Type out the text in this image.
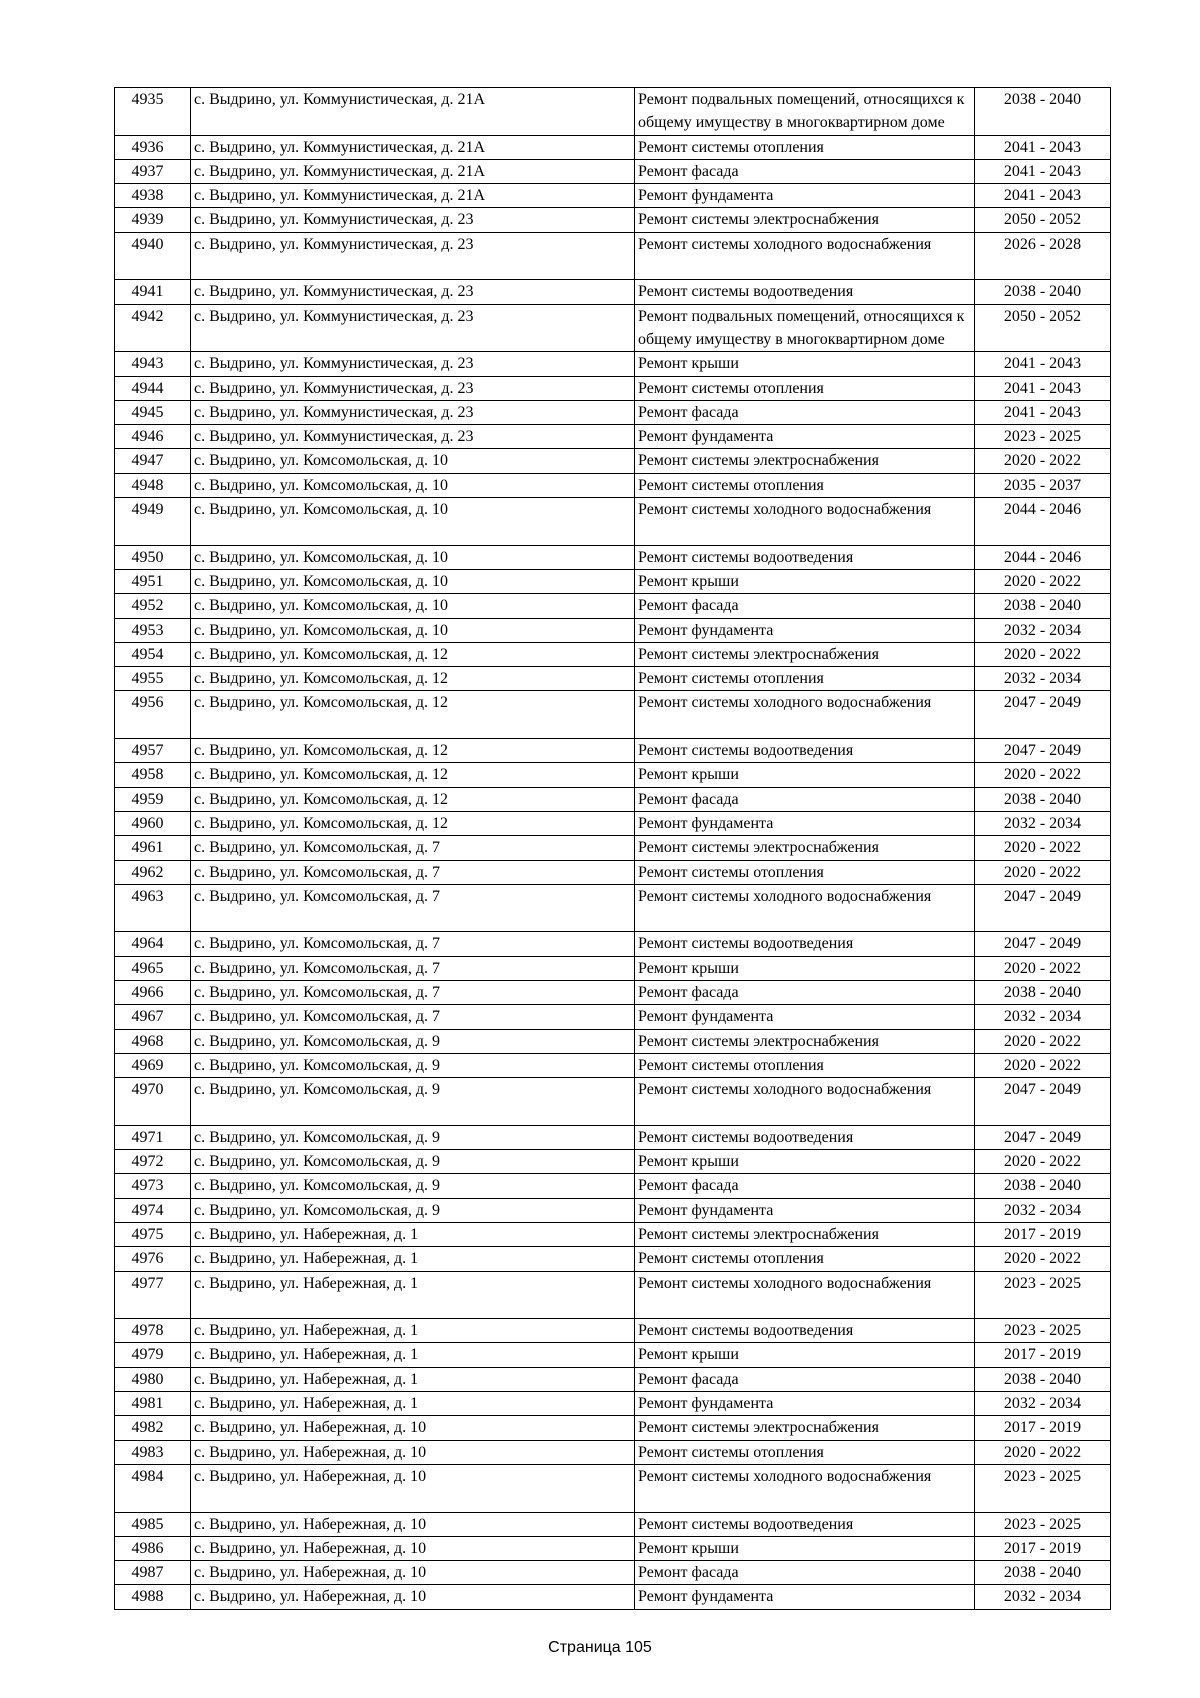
4935	с. Выдрино, ул. Коммунистическая, д. 21А	Ремонт подвальных помещений, относящихся к общему имуществу в многоквартирном доме	2038 - 2040
4936	с. Выдрино, ул. Коммунистическая, д. 21А	Ремонт системы отопления	2041 - 2043
4937	с. Выдрино, ул. Коммунистическая, д. 21А	Ремонт фасада	2041 - 2043
4938	с. Выдрино, ул. Коммунистическая, д. 21А	Ремонт фундамента	2041 - 2043
4939	с. Выдрино, ул. Коммунистическая, д. 23	Ремонт системы электроснабжения	2050 - 2052
4940	с. Выдрино, ул. Коммунистическая, д. 23	Ремонт системы холодного водоснабжения	2026 - 2028
4941	с. Выдрино, ул. Коммунистическая, д. 23	Ремонт системы водоотведения	2038 - 2040
4942	с. Выдрино, ул. Коммунистическая, д. 23	Ремонт подвальных помещений, относящихся к общему имуществу в многоквартирном доме	2050 - 2052
4943	с. Выдрино, ул. Коммунистическая, д. 23	Ремонт крыши	2041 - 2043
4944	с. Выдрино, ул. Коммунистическая, д. 23	Ремонт системы отопления	2041 - 2043
4945	с. Выдрино, ул. Коммунистическая, д. 23	Ремонт фасада	2041 - 2043
4946	с. Выдрино, ул. Коммунистическая, д. 23	Ремонт фундамента	2023 - 2025
4947	с. Выдрино, ул. Комсомольская, д. 10	Ремонт системы электроснабжения	2020 - 2022
4948	с. Выдрино, ул. Комсомольская, д. 10	Ремонт системы отопления	2035 - 2037
4949	с. Выдрино, ул. Комсомольская, д. 10	Ремонт системы холодного водоснабжения	2044 - 2046
4950	с. Выдрино, ул. Комсомольская, д. 10	Ремонт системы водоотведения	2044 - 2046
4951	с. Выдрино, ул. Комсомольская, д. 10	Ремонт крыши	2020 - 2022
4952	с. Выдрино, ул. Комсомольская, д. 10	Ремонт фасада	2038 - 2040
4953	с. Выдрино, ул. Комсомольская, д. 10	Ремонт фундамента	2032 - 2034
4954	с. Выдрино, ул. Комсомольская, д. 12	Ремонт системы электроснабжения	2020 - 2022
4955	с. Выдрино, ул. Комсомольская, д. 12	Ремонт системы отопления	2032 - 2034
4956	с. Выдрино, ул. Комсомольская, д. 12	Ремонт системы холодного водоснабжения	2047 - 2049
4957	с. Выдрино, ул. Комсомольская, д. 12	Ремонт системы водоотведения	2047 - 2049
4958	с. Выдрино, ул. Комсомольская, д. 12	Ремонт крыши	2020 - 2022
4959	с. Выдрино, ул. Комсомольская, д. 12	Ремонт фасада	2038 - 2040
4960	с. Выдрино, ул. Комсомольская, д. 12	Ремонт фундамента	2032 - 2034
4961	с. Выдрино, ул. Комсомольская, д. 7	Ремонт системы электроснабжения	2020 - 2022
4962	с. Выдрино, ул. Комсомольская, д. 7	Ремонт системы отопления	2020 - 2022
4963	с. Выдрино, ул. Комсомольская, д. 7	Ремонт системы холодного водоснабжения	2047 - 2049
4964	с. Выдрино, ул. Комсомольская, д. 7	Ремонт системы водоотведения	2047 - 2049
4965	с. Выдрино, ул. Комсомольская, д. 7	Ремонт крыши	2020 - 2022
4966	с. Выдрино, ул. Комсомольская, д. 7	Ремонт фасада	2038 - 2040
4967	с. Выдрино, ул. Комсомольская, д. 7	Ремонт фундамента	2032 - 2034
4968	с. Выдрино, ул. Комсомольская, д. 9	Ремонт системы электроснабжения	2020 - 2022
4969	с. Выдрино, ул. Комсомольская, д. 9	Ремонт системы отопления	2020 - 2022
4970	с. Выдрино, ул. Комсомольская, д. 9	Ремонт системы холодного водоснабжения	2047 - 2049
4971	с. Выдрино, ул. Комсомольская, д. 9	Ремонт системы водоотведения	2047 - 2049
4972	с. Выдрино, ул. Комсомольская, д. 9	Ремонт крыши	2020 - 2022
4973	с. Выдрино, ул. Комсомольская, д. 9	Ремонт фасада	2038 - 2040
4974	с. Выдрино, ул. Комсомольская, д. 9	Ремонт фундамента	2032 - 2034
4975	с. Выдрино, ул. Набережная, д. 1	Ремонт системы электроснабжения	2017 - 2019
4976	с. Выдрино, ул. Набережная, д. 1	Ремонт системы отопления	2020 - 2022
4977	с. Выдрино, ул. Набережная, д. 1	Ремонт системы холодного водоснабжения	2023 - 2025
4978	с. Выдрино, ул. Набережная, д. 1	Ремонт системы водоотведения	2023 - 2025
4979	с. Выдрино, ул. Набережная, д. 1	Ремонт крыши	2017 - 2019
4980	с. Выдрино, ул. Набережная, д. 1	Ремонт фасада	2038 - 2040
4981	с. Выдрино, ул. Набережная, д. 1	Ремонт фундамента	2032 - 2034
4982	с. Выдрино, ул. Набережная, д. 10	Ремонт системы электроснабжения	2017 - 2019
4983	с. Выдрино, ул. Набережная, д. 10	Ремонт системы отопления	2020 - 2022
4984	с. Выдрино, ул. Набережная, д. 10	Ремонт системы холодного водоснабжения	2023 - 2025
4985	с. Выдрино, ул. Набережная, д. 10	Ремонт системы водоотведения	2023 - 2025
4986	с. Выдрино, ул. Набережная, д. 10	Ремонт крыши	2017 - 2019
4987	с. Выдрино, ул. Набережная, д. 10	Ремонт фасада	2038 - 2040
4988	с. Выдрино, ул. Набережная, д. 10	Ремонт фундамента	2032 - 2034
Страница 105
